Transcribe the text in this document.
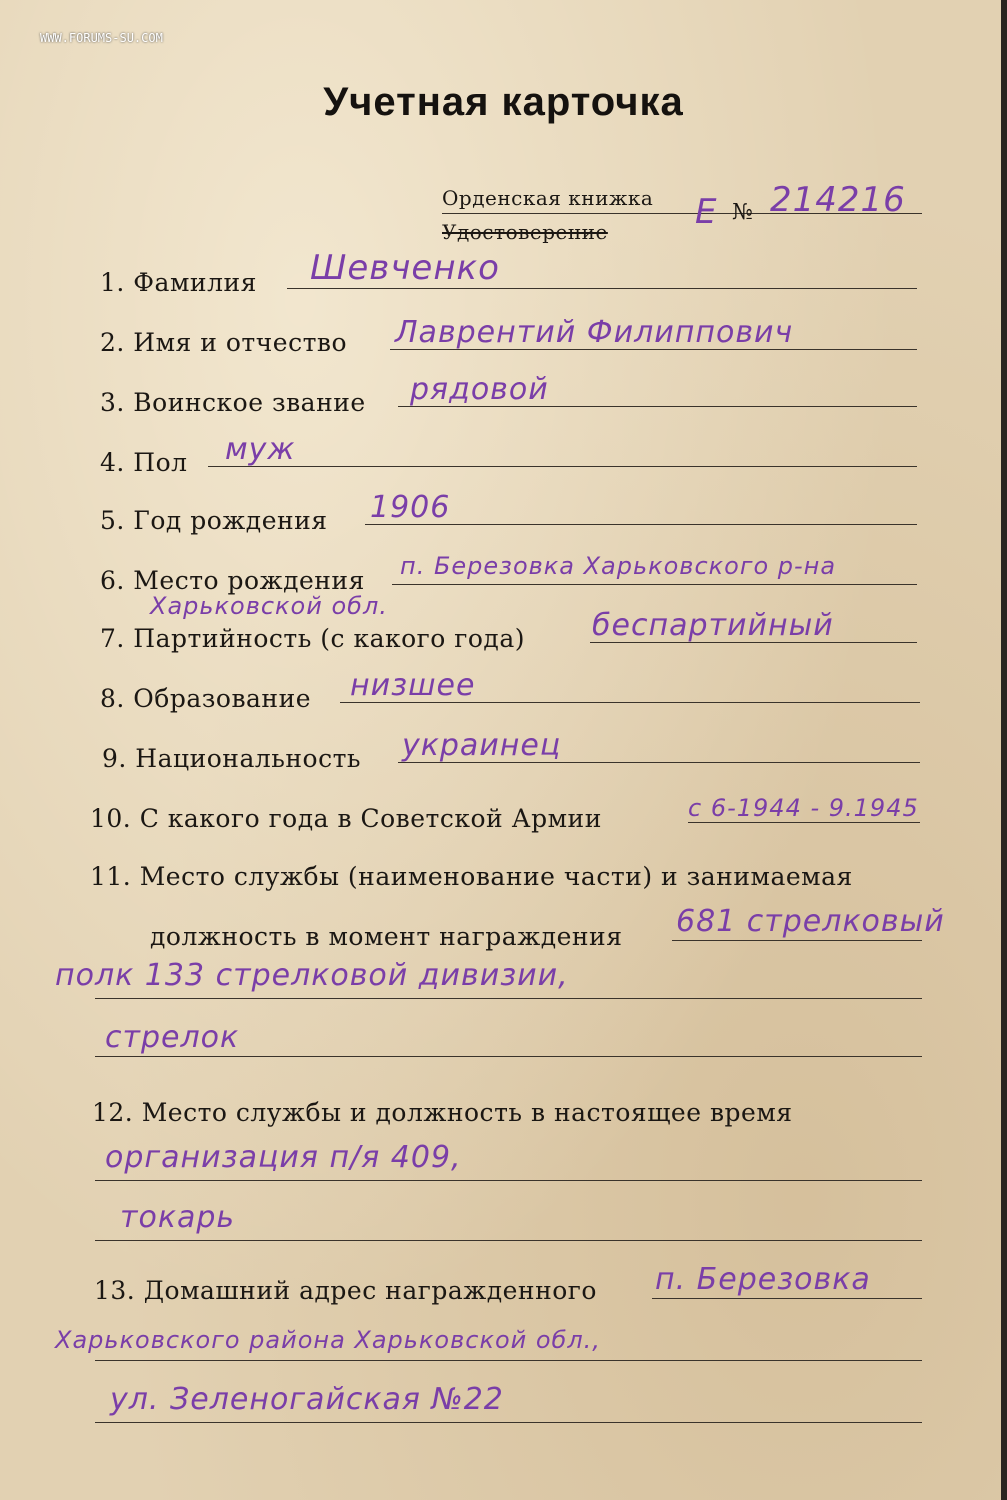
WWW.FORUMS-SU.COM
Учетная карточка
Орденская книжка
Удостоверение	Е № 214216
1. Фамилия Шевченко
2. Имя и отчество Лаврентий Филиппович
3. Воинское звание рядовой
4. Пол муж
5. Год рождения 1906
6. Место рождения п. Березовка Харьковского р-на
Харьковской обл.
7. Партийность (с какого года) беспартийный
8. Образование низшее
9. Национальность украинец
10. С какого года в Советской Армии	с 6-1944 - 9.1945
11. Место службы (наименование части) и занимаемая
должность в момент награждения 681 стрелковый
полк 133 стрелковой дивизии,
стрелок
12. Место службы и должность в настоящее время
организация п/я 409,
токарь
13. Домашний адрес награжденного п. Березовка
Харьковского района Харьковской обл.,
ул. Зеленогайская №22
